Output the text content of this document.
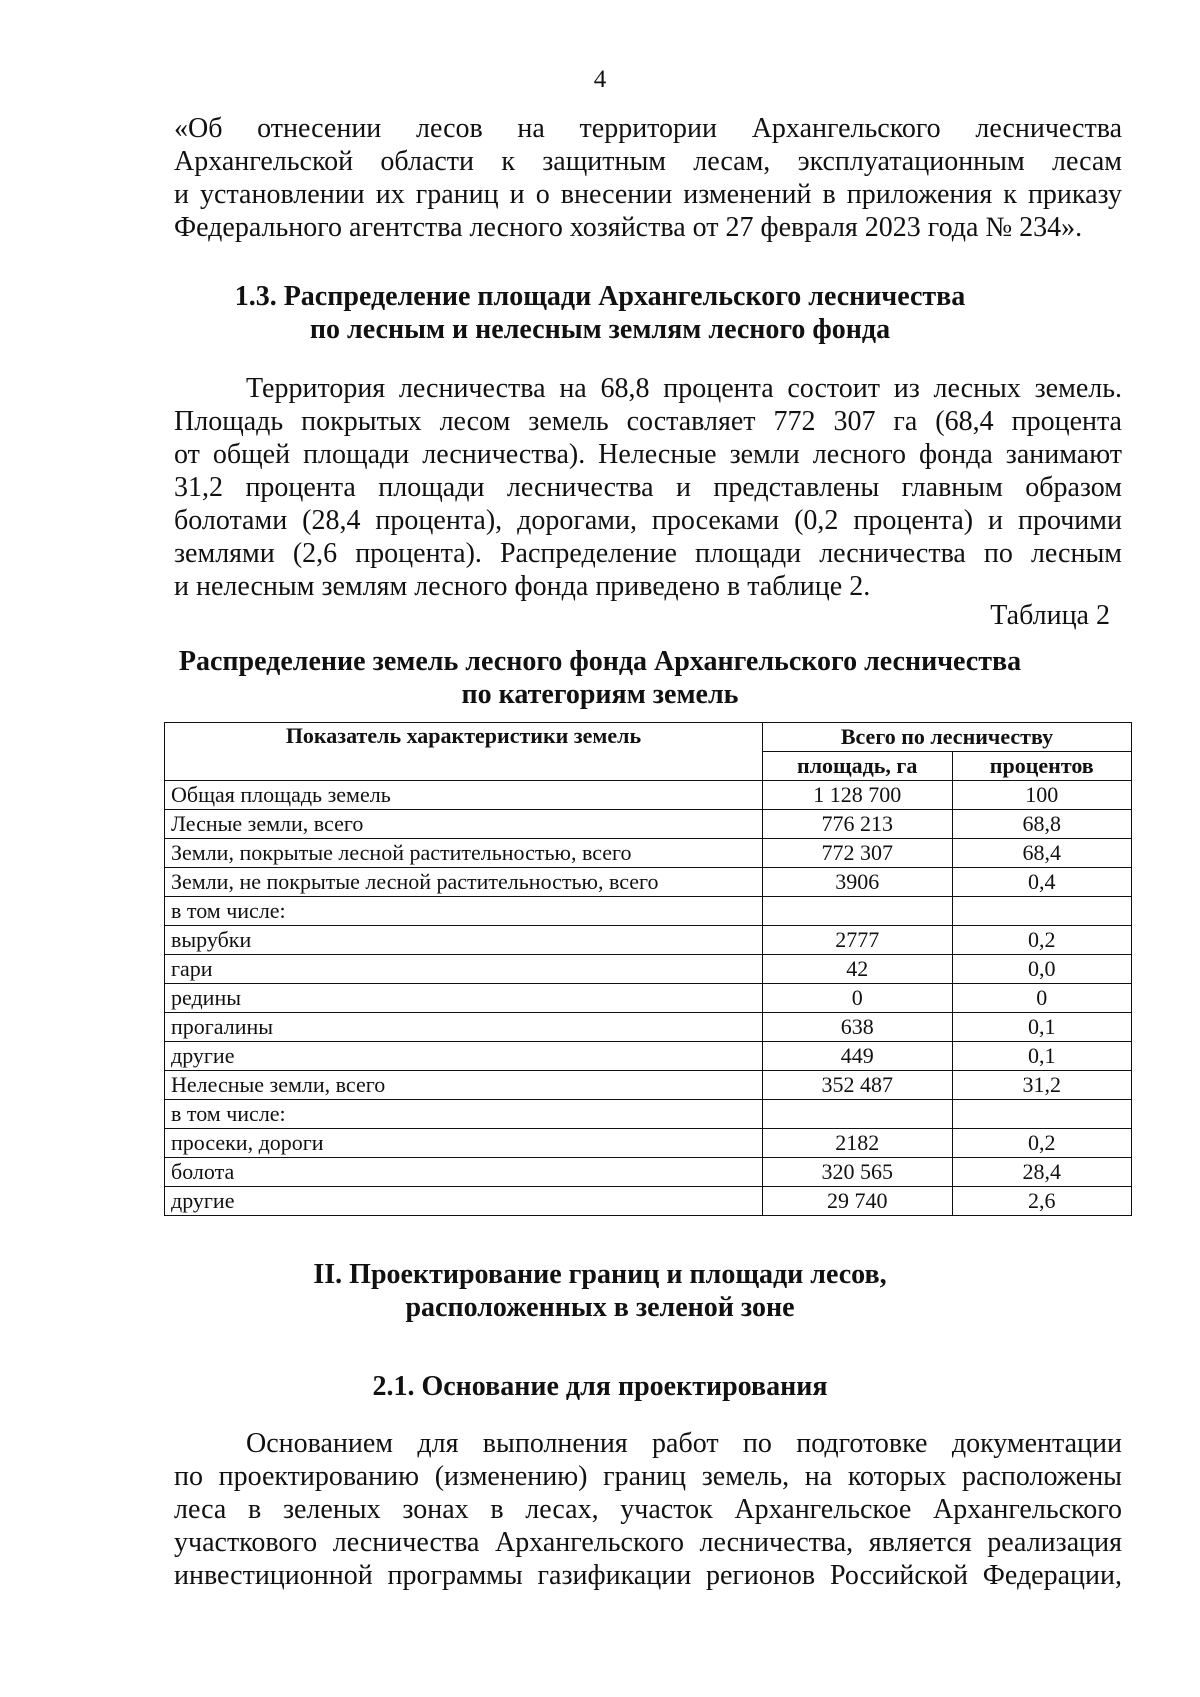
4

«Об отнесении лесов на территории Архангельского лесничества
Архангельской области к защитным лесам, эксплуатационным лесам
и установлении их границ и о внесении изменений в приложения к приказу
Федерального агентства лесного хозяйства от 27 февраля 2023 года № 234».

1.3. Распределение площади Архангельского лесничества

по лесным и нелесным землям лесного фонда

Территория лесничества на 68,8 процента состоит из лесных земель.
Площадь покрытых лесом земель составляет 772 307 га (68,4 процента
от общей площади лесничества). Нелесные земли лесного фонда занимают
31,2 процента площади лесничества и представлены главным образом
болотами (28,4 процента), дорогами, просеками (0,2 процента) и прочими
землями (2,6 процента). Распределение площади лесничества по лесным
и нелесным землям лесного фонда приведено в таблице 2.

Таблица 2

Распределение земель лесного фонда Архангельского лесничества

по категориям земель

Показатель характеристики земель	Всего по лесничеству	
	площадь, га	процентов
Общая площадь земель	1 128 700	100
Лесные земли, всего	776 213	68,8
Земли, покрытые лесной растительностью, всего	772 307	68,4
Земли, не покрытые лесной растительностью, всего	3906	0,4
в том числе:		
вырубки	2777	0,2
гари	42	0,0
редины	0	0
прогалины	638	0,1
другие	449	0,1
Нелесные земли, всего	352 487	31,2
в том числе:		
просеки, дороги	2182	0,2
болота	320 565	28,4
другие	29 740	2,6

II. Проектирование границ и площади лесов,

расположенных в зеленой зоне

2.1. Основание для проектирования

Основанием для выполнения работ по подготовке документации
по проектированию (изменению) границ земель, на которых расположены
леса в зеленых зонах в лесах, участок Архангельское Архангельского
участкового лесничества Архангельского лесничества, является реализация
инвестиционной программы газификации регионов Российской Федерации,
